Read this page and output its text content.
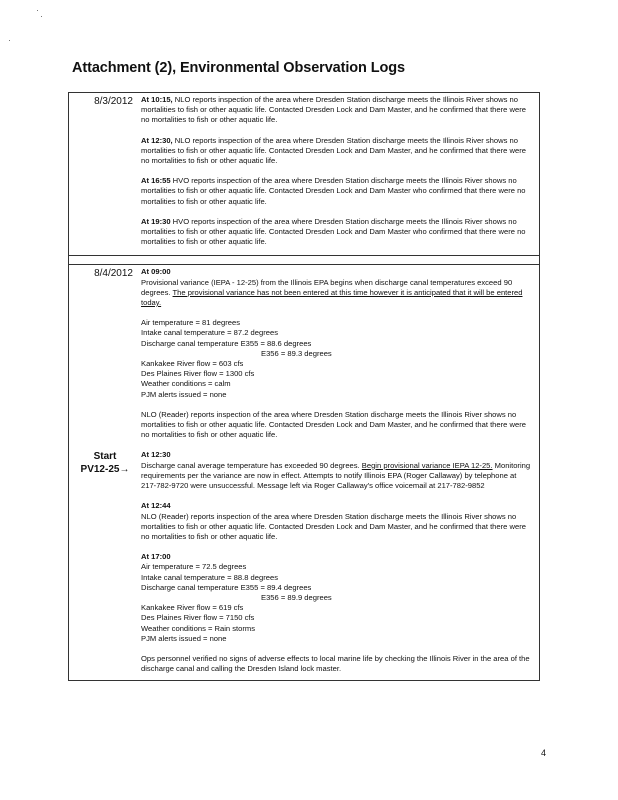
Attachment (2), Environmental Observation Logs
8/3/2012	At 10:15, NLO reports inspection of the area where Dresden Station discharge meets the Illinois River shows no mortalities to fish or other aquatic life. Contacted Dresden Lock and Dam Master, and he confirmed that there were no mortalities to fish or other aquatic life.

At 12:30, NLO reports inspection of the area where Dresden Station discharge meets the Illinois River shows no mortalities to fish or other aquatic life. Contacted Dresden Lock and Dam Master, and he confirmed that there were no mortalities to fish or other aquatic life.

At 16:55 HVO reports inspection of the area where Dresden Station discharge meets the Illinois River shows no mortalities to fish or other aquatic life. Contacted Dresden Lock and Dam Master who confirmed that there were no mortalities to fish or other aquatic life.

At 19:30 HVO reports inspection of the area where Dresden Station discharge meets the Illinois River shows no mortalities to fish or other aquatic life. Contacted Dresden Lock and Dam Master who confirmed that there were no mortalities to fish or other aquatic life.

8/4/2012	At 09:00

Provisional variance (IEPA - 12-25) from the Illinois EPA begins when discharge canal temperatures exceed 90 degrees. The provisional variance has not been entered at this time however it is anticipated that it will be entered today.

Air temperature = 81 degrees
Intake canal temperature = 87.2 degrees
Discharge canal temperature E355 = 88.6 degrees
E356 = 89.3 degrees
Kankakee River flow = 603 cfs
Des Plaines River flow = 1300 cfs
Weather conditions = calm
PJM alerts issued = none

NLO (Reader) reports inspection of the area where Dresden Station discharge meets the Illinois River shows no mortalities to fish or other aquatic life. Contacted Dresden Lock and Dam Master, and he confirmed that there were no mortalities to fish or other aquatic life.

Start
PV12-25→

At 12:30

Discharge canal average temperature has exceeded 90 degrees. Begin provisional variance IEPA 12-25. Monitoring requirements per the variance are now in effect. Attempts to notify Illinois EPA (Roger Callaway) by telephone at 217-782-9720 were unsuccessful. Message left via Roger Callaway's office voicemail at 217-782-9852

At 12:44

NLO (Reader) reports inspection of the area where Dresden Station discharge meets the Illinois River shows no mortalities to fish or other aquatic life. Contacted Dresden Lock and Dam Master, and he confirmed that there were no mortalities to fish or other aquatic life.

At 17:00

Air temperature = 72.5 degrees
Intake canal temperature = 88.8 degrees
Discharge canal temperature E355 = 89.4 degrees
E356 = 89.9 degrees
Kankakee River flow = 619 cfs
Des Plaines River flow = 7150 cfs
Weather conditions = Rain storms
PJM alerts issued = none

Ops personnel verified no signs of adverse effects to local marine life by checking the Illinois River in the area of the discharge canal and calling the Dresden Island lock master.

4
